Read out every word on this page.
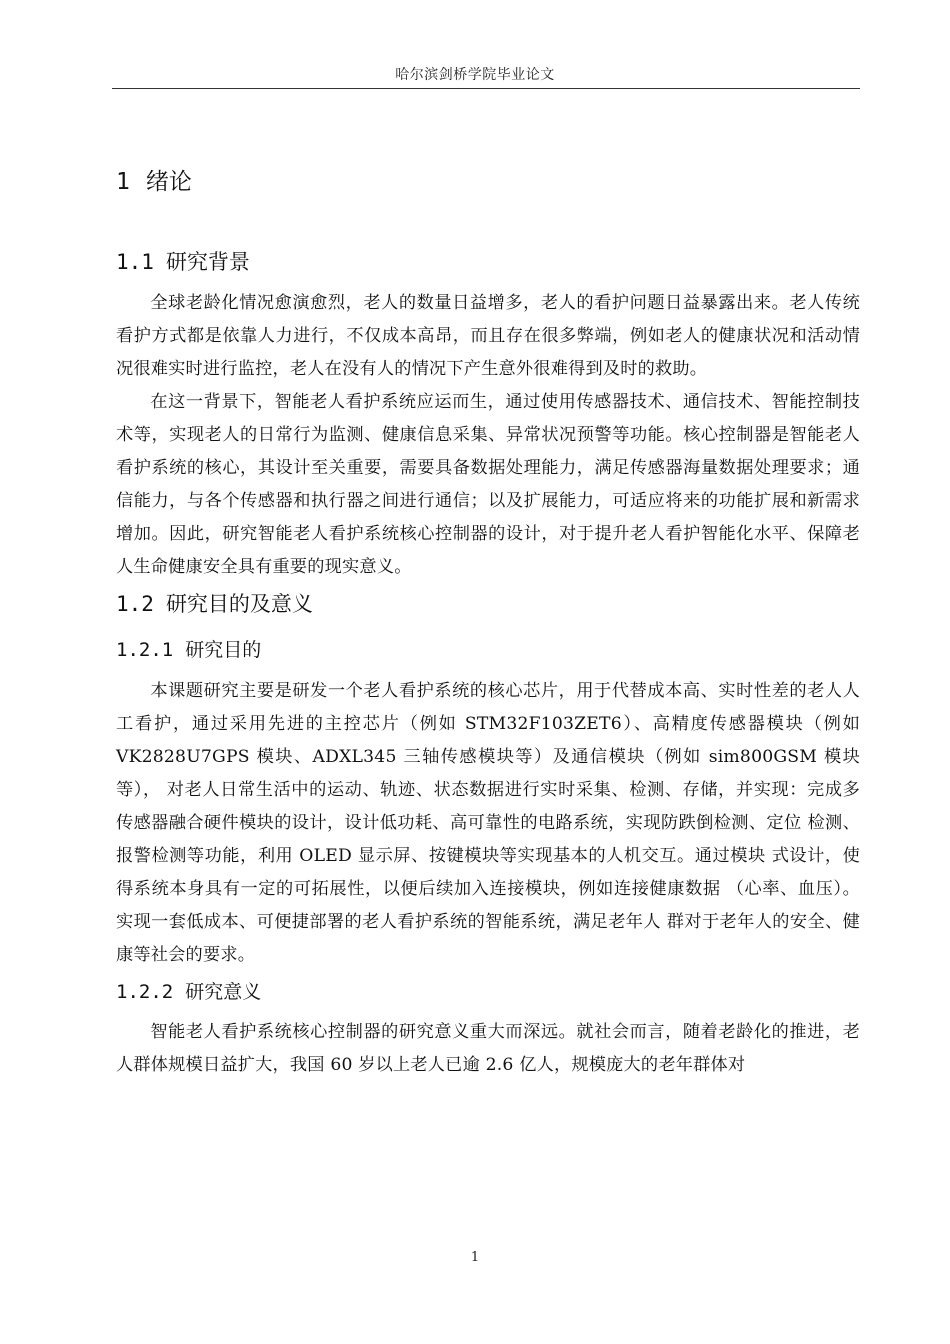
哈尔滨剑桥学院毕业论文
1 绪论
1.1 研究背景

全球老龄化情况愈演愈烈，老人的数量日益增多，老人的看护问题日益暴露出来。老人传统看护方式都是依靠人力进行，不仅成本高昂，而且存在很多弊端，例如老人的健康状况和活动情况很难实时进行监控，老人在没有人的情况下产生意外很难得到及时的救助。

在这一背景下，智能老人看护系统应运而生，通过使用传感器技术、通信技术、智能控制技术等，实现老人的日常行为监测、健康信息采集、异常状况预警等功能。核心控制器是智能老人看护系统的核心，其设计至关重要，需要具备数据处理能力，满足传感器海量数据处理要求；通信能力，与各个传感器和执行器之间进行通信；以及扩展能力，可适应将来的功能扩展和新需求增加。因此，研究智能老人看护系统核心控制器的设计，对于提升老人看护智能化水平、保障老人生命健康安全具有重要的现实意义。

1.2 研究目的及意义
1.2.1 研究目的

本课题研究主要是研发一个老人看护系统的核心芯片，用于代替成本高、实时性差的老人人工看护，通过采用先进的主控芯片（例如 STM32F103ZET6）、高精度传感器模块（例如 VK2828U7GPS 模块、ADXL345 三轴传感模块等）及通信模块（例如 sim800GSM 模块等）， 对老人日常生活中的运动、轨迹、状态数据进行实时采集、检测、存储，并实现：完成多 传感器融合硬件模块的设计，设计低功耗、高可靠性的电路系统，实现防跌倒检测、定位 检测、报警检测等功能，利用 OLED 显示屏、按键模块等实现基本的人机交互。通过模块 式设计，使得系统本身具有一定的可拓展性，以便后续加入连接模块，例如连接健康数据 （心率、血压）。实现一套低成本、可便捷部署的老人看护系统的智能系统，满足老年人 群对于老年人的安全、健康等社会的要求。

1.2.2 研究意义

智能老人看护系统核心控制器的研究意义重大而深远。就社会而言，随着老龄化的推进，老人群体规模日益扩大，我国 60 岁以上老人已逾 2.6 亿人，规模庞大的老年群体对

1
